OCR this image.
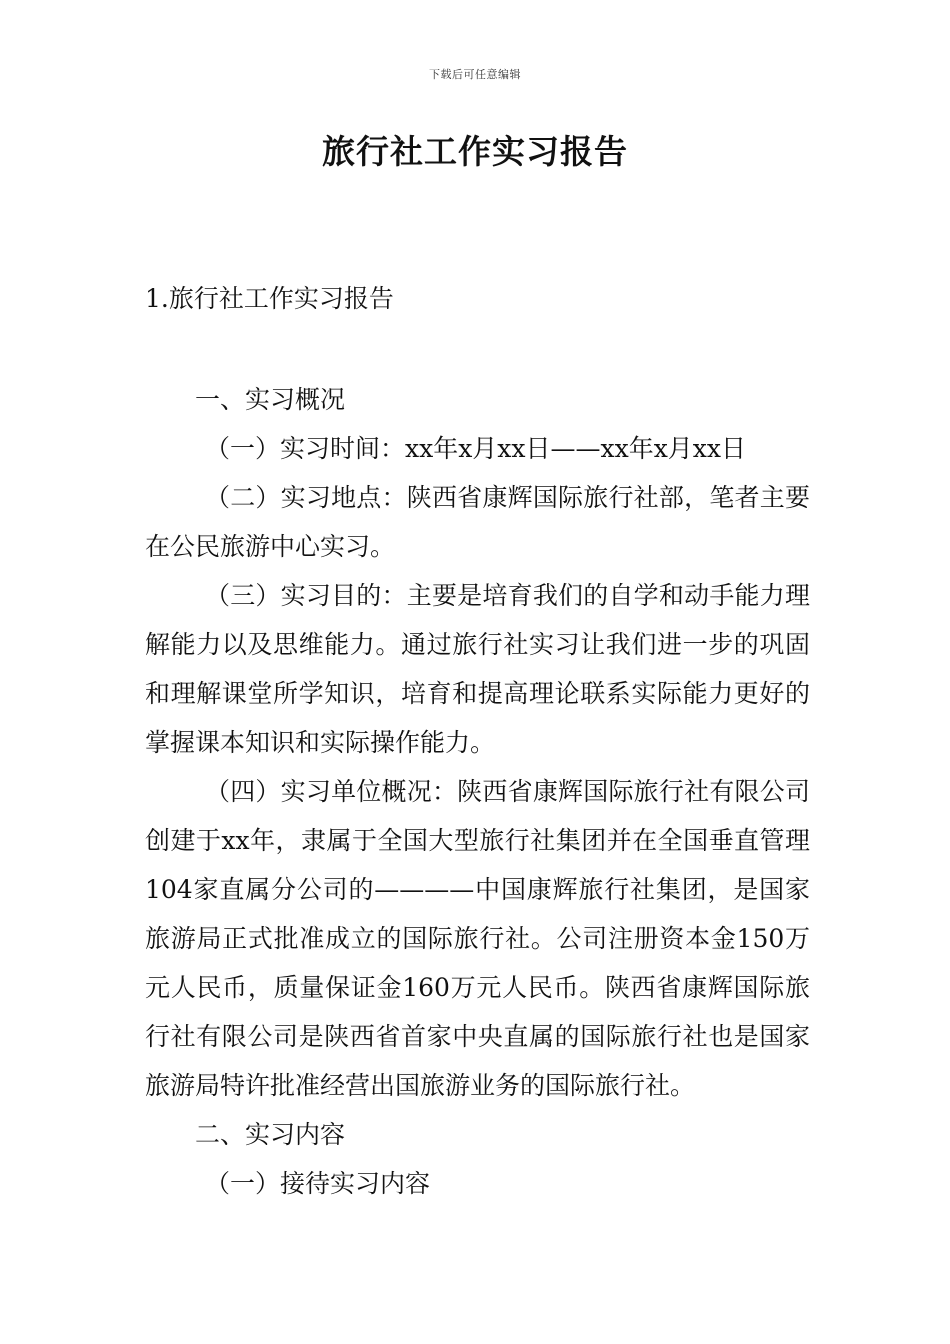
下载后可任意编辑
旅行社工作实习报告

1.旅行社工作实习报告

一、实习概况

（一）实习时间：xx年x月xx日——xx年x月xx日

（二）实习地点：陕西省康辉国际旅行社部，笔者主要在公民旅游中心实习。

（三）实习目的：主要是培育我们的自学和动手能力理解能力以及思维能力。通过旅行社实习让我们进一步的巩固和理解课堂所学知识，培育和提高理论联系实际能力更好的掌握课本知识和实际操作能力。

（四）实习单位概况：陕西省康辉国际旅行社有限公司创建于xx年，隶属于全国大型旅行社集团并在全国垂直管理104家直属分公司的————中国康辉旅行社集团，是国家旅游局正式批准成立的国际旅行社。公司注册资本金150万元人民币，质量保证金160万元人民币。陕西省康辉国际旅行社有限公司是陕西省首家中央直属的国际旅行社也是国家旅游局特许批准经营出国旅游业务的国际旅行社。

二、实习内容

（一）接待实习内容
